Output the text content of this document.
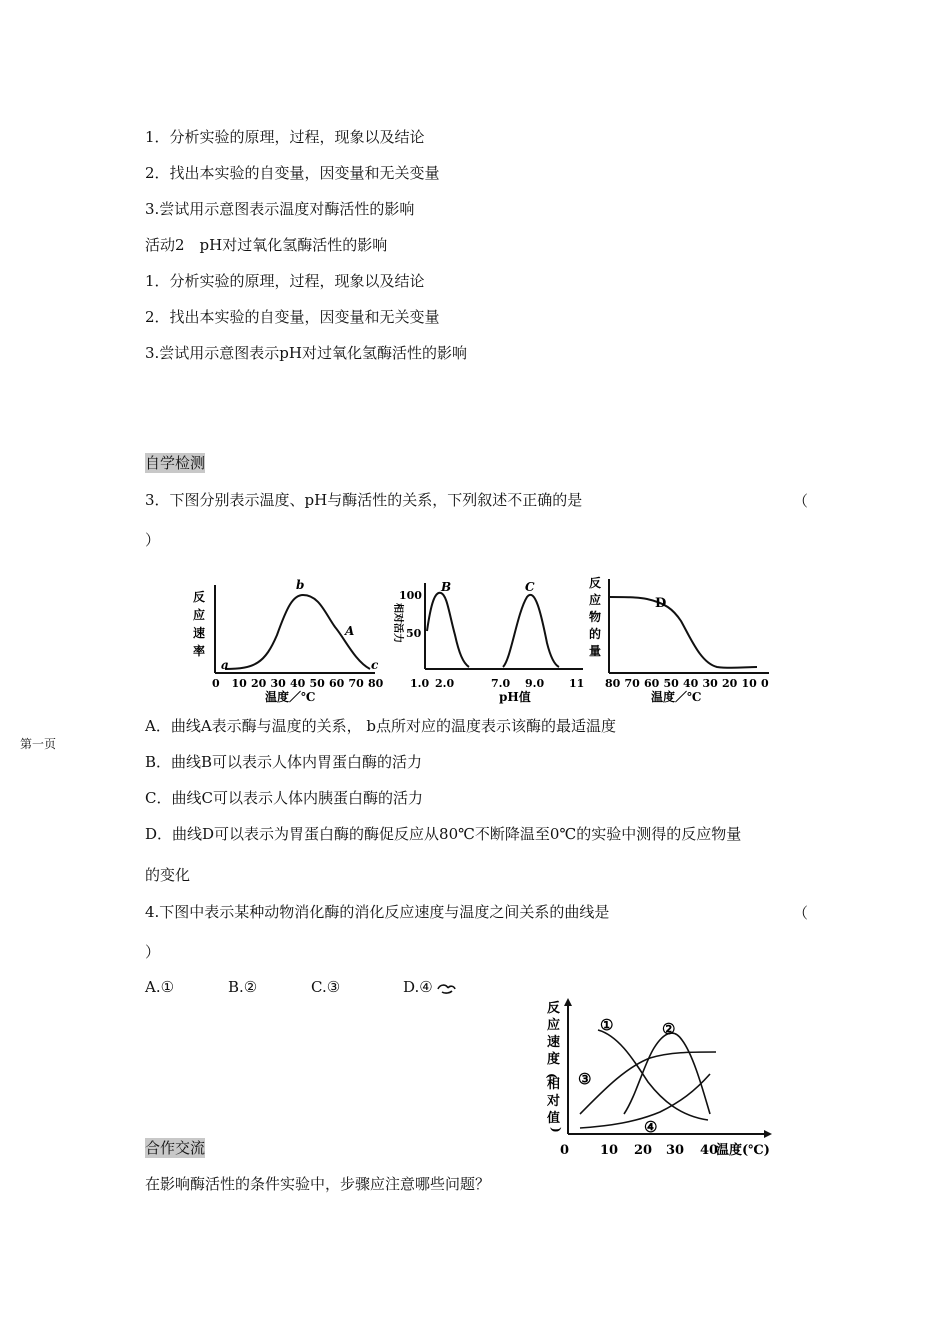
1．分析实验的原理，过程，现象以及结论
2．找出本实验的自变量，因变量和无关变量
3.尝试用示意图表示温度对酶活性的影响
活动2　pH对过氧化氢酶活性的影响
1．分析实验的原理，过程，现象以及结论
2．找出本实验的自变量，因变量和无关变量
3.尝试用示意图表示pH对过氧化氢酶活性的影响
自学检测
3．下图分别表示温度、pH与酶活性的关系，下列叙述不正确的是	（
）
反
应
速
率
a
b
A
c
0 10 20 30 40 50 60 70 80
温度／℃
相对活力
100
50
B	C
1.0 2.0	7.0 9.0 11
pH值
反
应
物
的
量
D
80 70 60 50 40 30 20 10 0
温度／℃
A．曲线A表示酶与温度的关系， b点所对应的温度表示该酶的最适温度
B．曲线B可以表示人体内胃蛋白酶的活力
C．曲线C可以表示人体内胰蛋白酶的活力
D．曲线D可以表示为胃蛋白酶的酶促反应从80℃不断降温至0℃的实验中测得的反应物量
的变化
第一页
4.下图中表示某种动物消化酶的消化反应速度与温度之间关系的曲线是	（
）
A.①	B.②	C.③	D.④
反
应
速
度
(
相
对
值
)
①	②
③
④
0 10 20 30 40
温度(℃)
合作交流
在影响酶活性的条件实验中，步骤应注意哪些问题？
